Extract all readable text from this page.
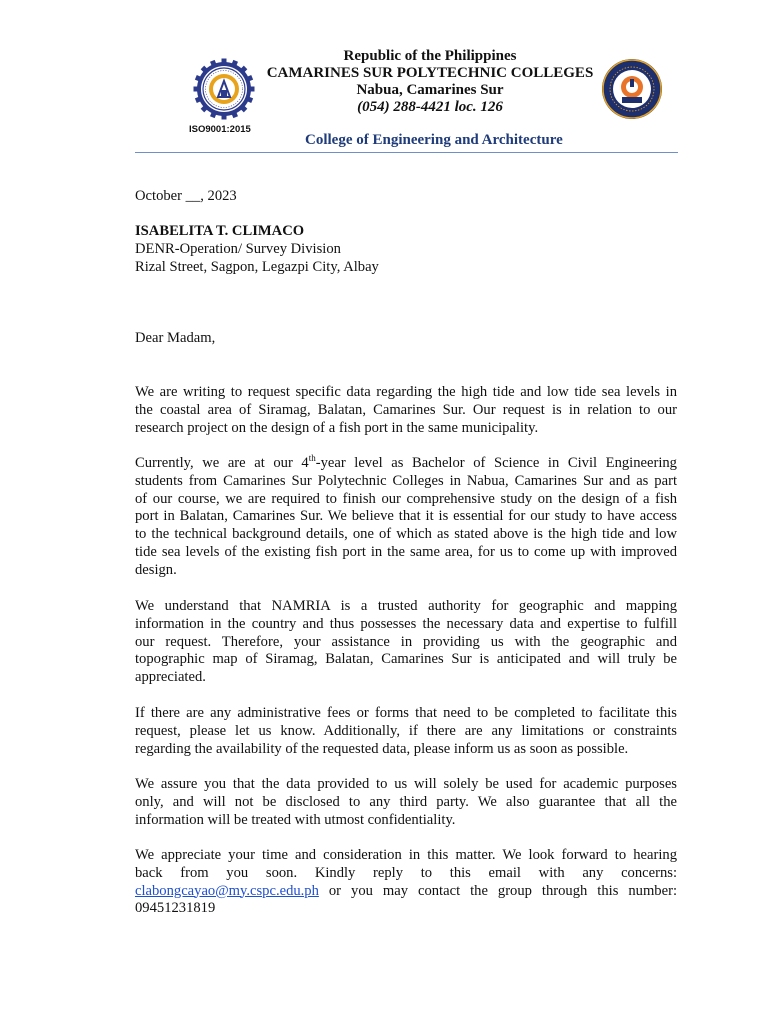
Republic of the Philippines
CAMARINES SUR POLYTECHNIC COLLEGES
Nabua, Camarines Sur
(054) 288-4421 loc. 126
ISO9001:2015
College of Engineering and Architecture
October __, 2023
ISABELITA T. CLIMACO
DENR-Operation/ Survey Division
Rizal Street, Sagpon, Legazpi City, Albay
Dear Madam,
We are writing to request specific data regarding the high tide and low tide sea levels in
the coastal area of Siramag, Balatan, Camarines Sur. Our request is in relation to our
research project on the design of a fish port in the same municipality.
Currently, we are at our 4th-year level as Bachelor of Science in Civil Engineering
students from Camarines Sur Polytechnic Colleges in Nabua, Camarines Sur and as part
of our course, we are required to finish our comprehensive study on the design of a fish
port in Balatan, Camarines Sur. We believe that it is essential for our study to have access
to the technical background details, one of which as stated above is the high tide and low
tide sea levels of the existing fish port in the same area, for us to come up with improved
design.
We understand that NAMRIA is a trusted authority for geographic and mapping
information in the country and thus possesses the necessary data and expertise to fulfill
our request. Therefore, your assistance in providing us with the geographic and
topographic map of Siramag, Balatan, Camarines Sur is anticipated and will truly be
appreciated.
If there are any administrative fees or forms that need to be completed to facilitate this
request, please let us know. Additionally, if there are any limitations or constraints
regarding the availability of the requested data, please inform us as soon as possible.
We assure you that the data provided to us will solely be used for academic purposes
only, and will not be disclosed to any third party. We also guarantee that all the
information will be treated with utmost confidentiality.
We appreciate your time and consideration in this matter. We look forward to hearing
back from you soon. Kindly reply to this email with any concerns:
clabongcayao@my.cspc.edu.ph or you may contact the group through this number:
09451231819
